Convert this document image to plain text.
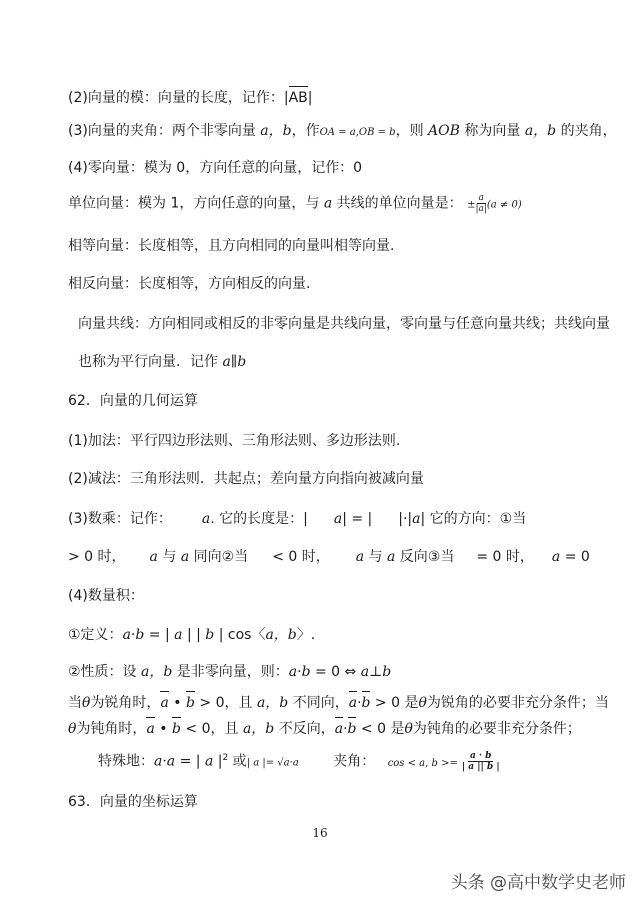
(2)向量的模：向量的长度，记作：|AB|
(3)向量的夹角：两个非零向量 a，b，作OA = a,OB = b，则 AOB 称为向量 a，b 的夹角，
(4)零向量：模为 0，方向任意的向量，记作：0
单位向量：模为 1，方向任意的向量，与 a 共线的单位向量是： ± $\frac{a}{|a|} (a \ne 0)$
相等向量：长度相等，且方向相同的向量叫相等向量.
相反向量：长度相等，方向相反的向量.
向量共线：方向相同或相反的非零向量是共线向量，零向量与任意向量共线；共线向量
也称为平行向量．记作 a∥b
62．向量的几何运算
(1)加法：平行四边形法则、三角形法则、多边形法则.
(2)减法：三角形法则．共起点；差向量方向指向被减向量
(3)数乘：记作： a. 它的长度是：| a| = | |·|a| 它的方向：①当
> 0 时， a 与 a 同向②当 < 0 时， a 与 a 反向③当 = 0 时， a = 0
(4)数量积：
①定义：a·b = | a | | b | cos〈a，b〉.
②性质：设 a，b 是非零向量，则：a·b = 0 ⇔ a⊥b
当θ为锐角时，a • b > 0，且 a，b 不同向，a·b > 0 是θ为锐角的必要非充分条件；当
θ为钝角时，a • b < 0，且 a，b 不反向，a·b < 0 是θ为钝角的必要非充分条件；
特殊地：a·a = | a $|^2$ 或| a |= √a·a 夹角： cos < a, $b >= \frac{a \cdot b}{| a || b |}$
63．向量的坐标运算
16
头条 @高中数学史老师
